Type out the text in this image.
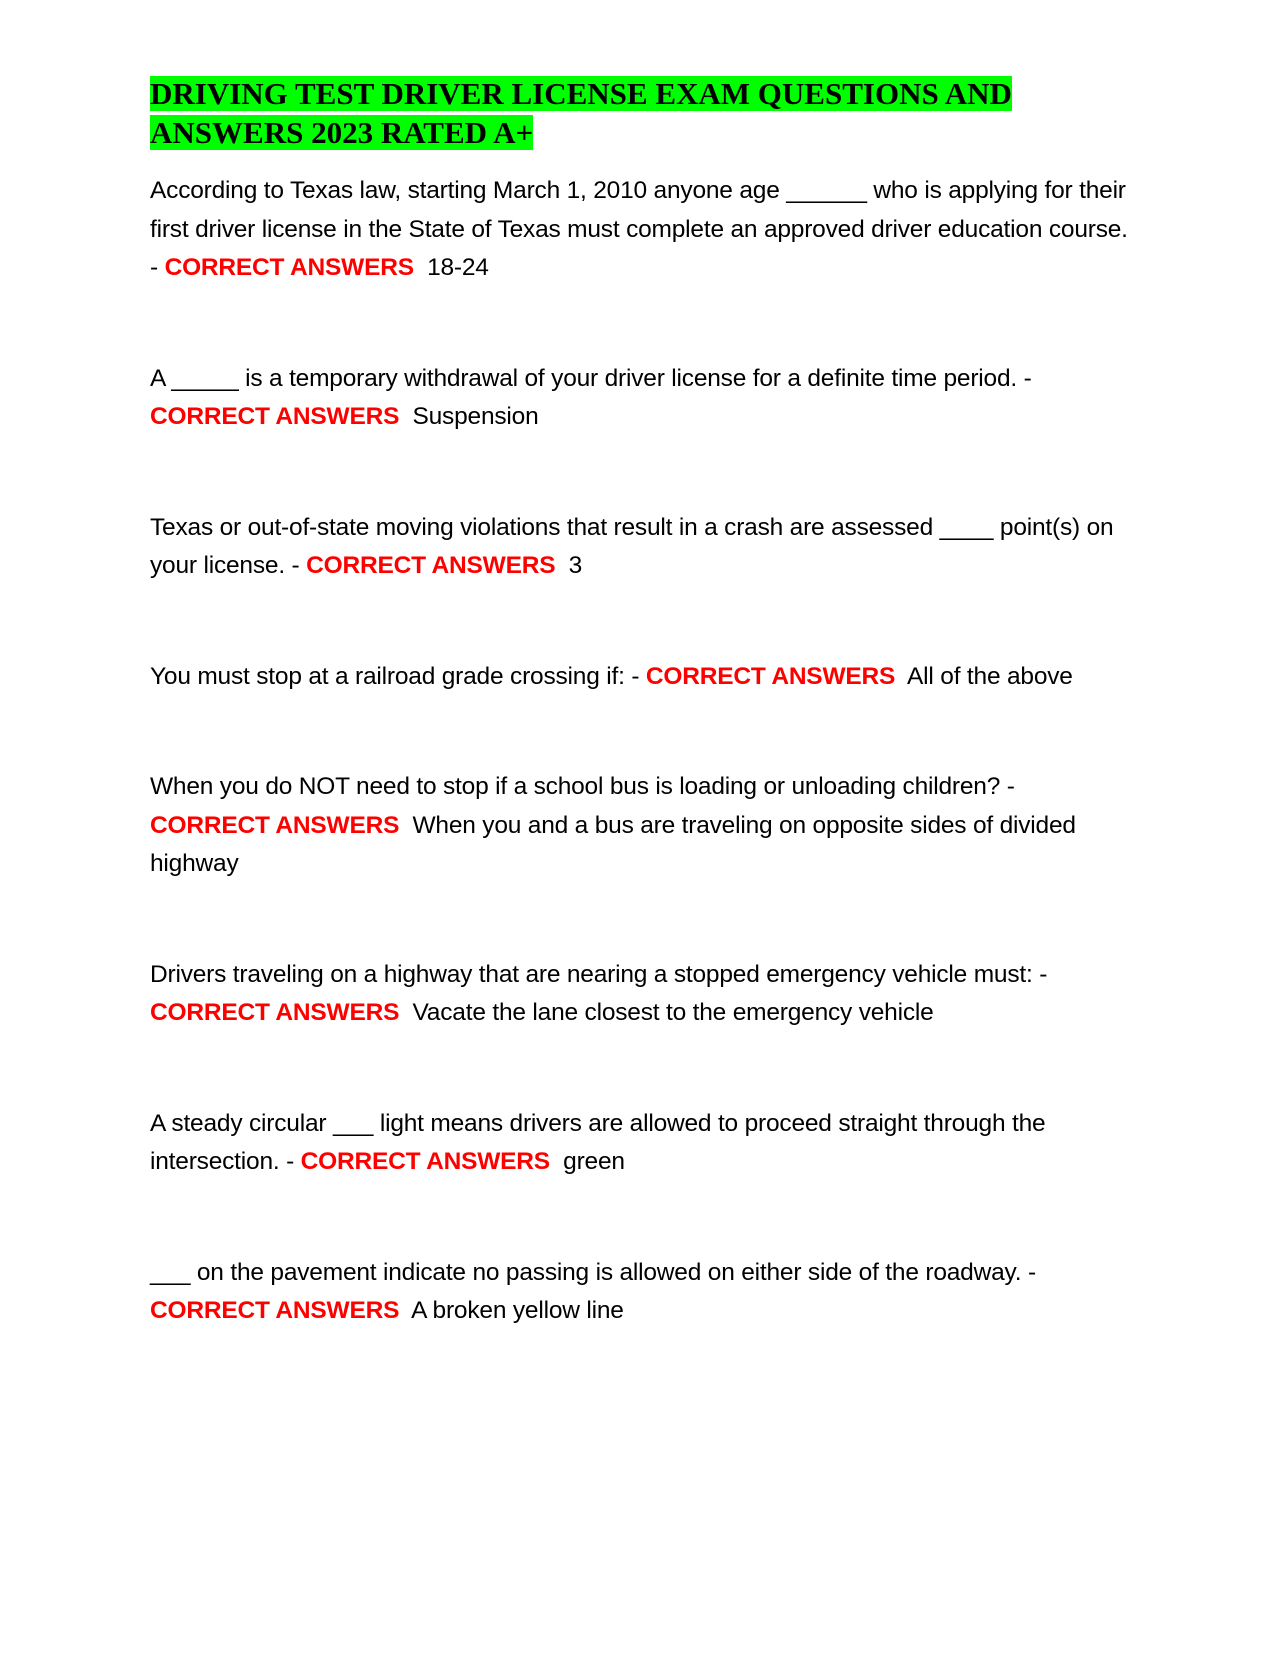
DRIVING TEST DRIVER LICENSE EXAM QUESTIONS AND ANSWERS 2023 RATED A+

According to Texas law, starting March 1, 2010 anyone age ______ who is applying for their first driver license in the State of Texas must complete an approved driver education course. - CORRECT ANSWERS 18-24

A _____ is a temporary withdrawal of your driver license for a definite time period. - CORRECT ANSWERS Suspension

Texas or out-of-state moving violations that result in a crash are assessed ____ point(s) on your license. - CORRECT ANSWERS 3

You must stop at a railroad grade crossing if: - CORRECT ANSWERS All of the above

When you do NOT need to stop if a school bus is loading or unloading children? - CORRECT ANSWERS When you and a bus are traveling on opposite sides of divided highway

Drivers traveling on a highway that are nearing a stopped emergency vehicle must: - CORRECT ANSWERS Vacate the lane closest to the emergency vehicle

A steady circular ___ light means drivers are allowed to proceed straight through the intersection. - CORRECT ANSWERS green

___ on the pavement indicate no passing is allowed on either side of the roadway. - CORRECT ANSWERS A broken yellow line
